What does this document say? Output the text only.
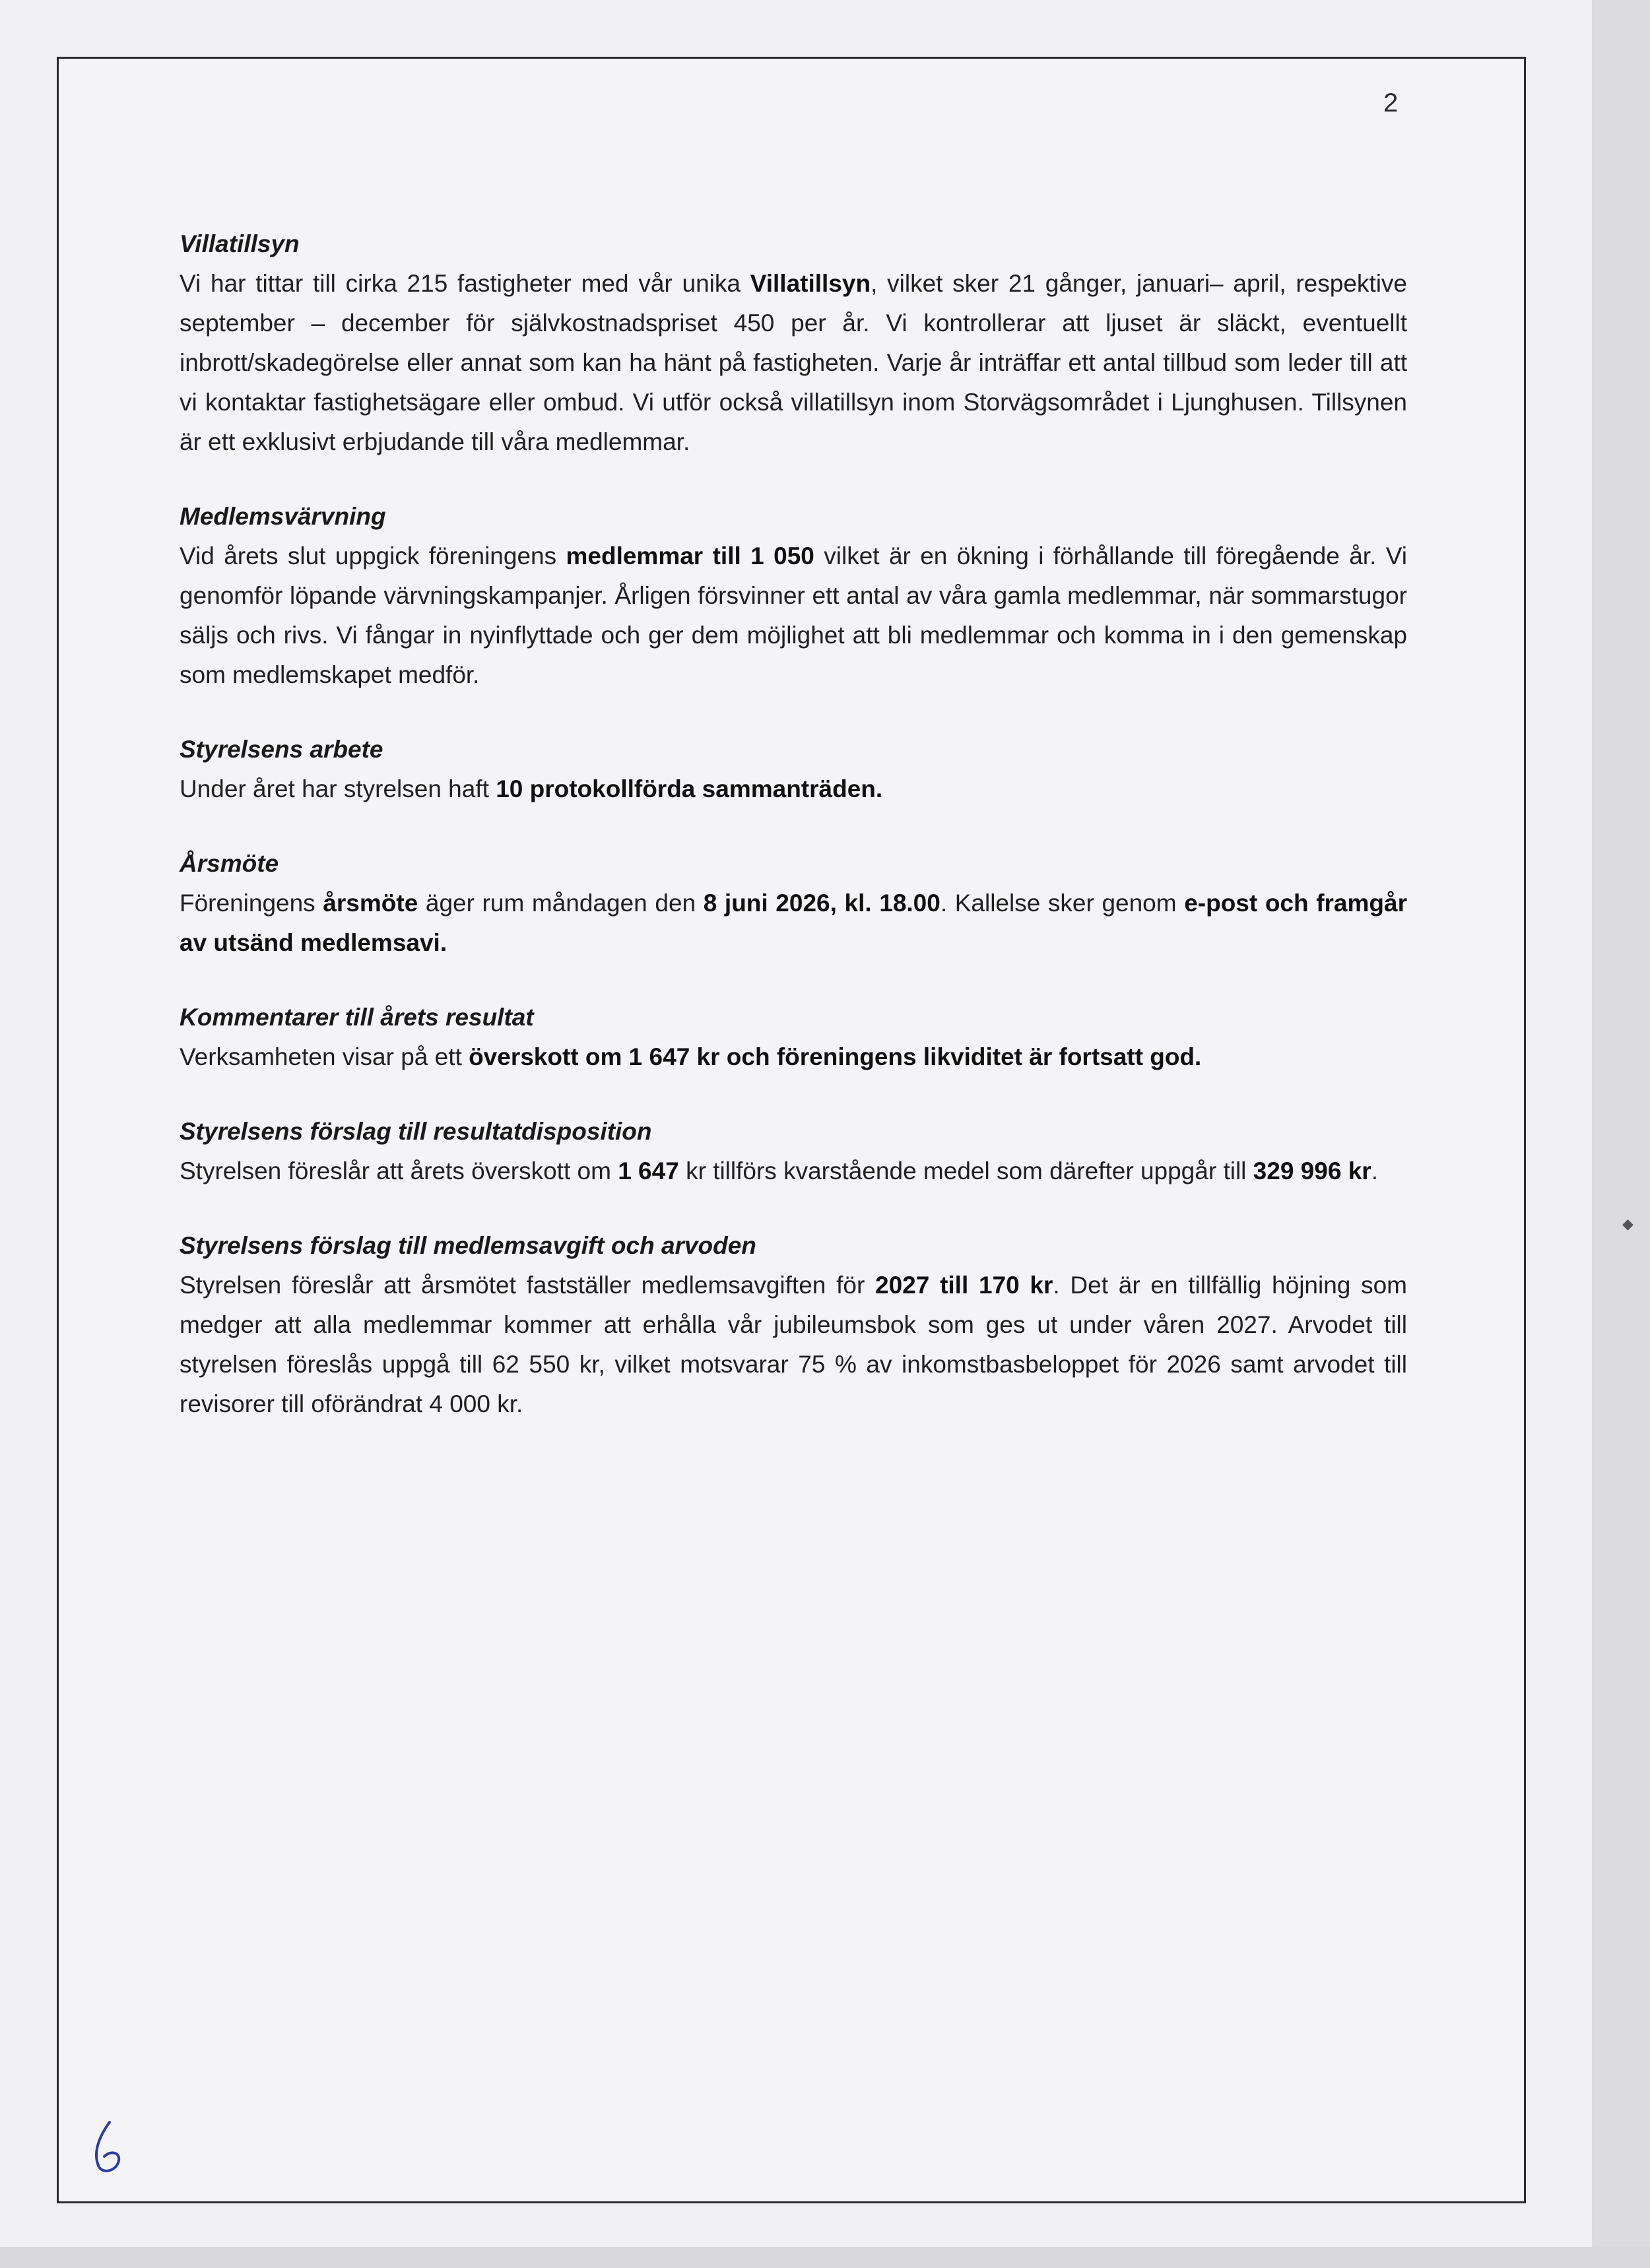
2

Villatillsyn

Vi har tittar till cirka 215 fastigheter med vår unika Villatillsyn, vilket sker 21 gånger, januari– april, respektive september – december för självkostnadspriset 450 per år. Vi kontrollerar att ljuset är släckt, eventuellt inbrott/skadegörelse eller annat som kan ha hänt på fastigheten. Varje år inträffar ett antal tillbud som leder till att vi kontaktar fastighetsägare eller ombud. Vi utför också villatillsyn inom Storvägsområdet i Ljunghusen. Tillsynen är ett exklusivt erbjudande till våra medlemmar.

Medlemsvärvning

Vid årets slut uppgick föreningens medlemmar till 1 050 vilket är en ökning i förhållande till föregående år. Vi genomför löpande värvningskampanjer. Årligen försvinner ett antal av våra gamla medlemmar, när sommarstugor säljs och rivs. Vi fångar in nyinflyttade och ger dem möjlighet att bli medlemmar och komma in i den gemenskap som medlemskapet medför.

Styrelsens arbete

Under året har styrelsen haft 10 protokollförda sammanträden.

Årsmöte

Föreningens årsmöte äger rum måndagen den 8 juni 2026, kl. 18.00. Kallelse sker genom e-post och framgår av utsänd medlemsavi.

Kommentarer till årets resultat

Verksamheten visar på ett överskott om 1 647 kr och föreningens likviditet är fortsatt god.

Styrelsens förslag till resultatdisposition

Styrelsen föreslår att årets överskott om 1 647 kr tillförs kvarstående medel som därefter uppgår till 329 996 kr.

Styrelsens förslag till medlemsavgift och arvoden

Styrelsen föreslår att årsmötet fastställer medlemsavgiften för 2027 till 170 kr. Det är en tillfällig höjning som medger att alla medlemmar kommer att erhålla vår jubileumsbok som ges ut under våren 2027. Arvodet till styrelsen föreslås uppgå till 62 550 kr, vilket motsvarar 75 % av inkomstbasbeloppet för 2026 samt arvodet till revisorer till oförändrat 4 000 kr.

◆
